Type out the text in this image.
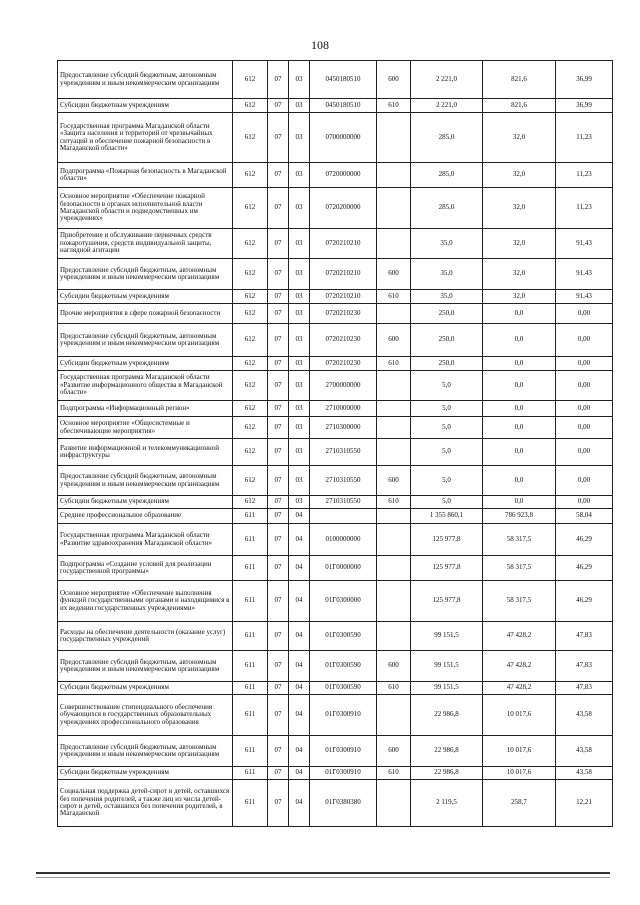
108
Предоставление субсидий бюджетным, автономным учреждениям и иным некоммерческим организациям	612	07	03	0450180510	600	2 221,0	821,6	36,99
Субсидии бюджетным учреждениям	612	07	03	0450180510	610	2 221,0	821,6	36,99
Государственная программа Магаданской области «Защита населения и территорий от чрезвычайных ситуаций и обеспечение пожарной безопасности в Магаданской области»	612	07	03	0700000000		285,0	32,0	11,23
Подпрограмма «Пожарная безопасность в Магаданской области»	612	07	03	0720000000		285,0	32,0	11,23
Основное мероприятие «Обеспечение пожарной безопасности в органах исполнительной власти Магаданской области и подведомственных им учреждениях»	612	07	03	0720200000		285,0	32,0	11,23
Приобретение и обслуживание первичных средств пожаротушения, средств индивидуальной защиты, наглядной агитации	612	07	03	0720210210		35,0	32,0	91,43
Предоставление субсидий бюджетным, автономным учреждениям и иным некоммерческим организациям	612	07	03	0720210210	600	35,0	32,0	91,43
Субсидии бюджетным учреждениям	612	07	03	0720210210	610	35,0	32,0	91,43
Прочие мероприятия в сфере пожарной безопасности	612	07	03	0720210230		250,0	0,0	0,00
Предоставление субсидий бюджетным, автономным учреждениям и иным некоммерческим организациям	612	07	03	0720210230	600	250,0	0,0	0,00
Субсидии бюджетным учреждениям	612	07	03	0720210230	610	250,0	0,0	0,00
Государственная программа Магаданской области «Развитие информационного общества в Магаданской области»	612	07	03	2700000000		5,0	0,0	0,00
Подпрограмма «Информационный регион»	612	07	03	2710000000		5,0	0,0	0,00
Основное мероприятие «Общесистемные и обеспечивающие мероприятия»	612	07	03	2710300000		5,0	0,0	0,00
Развитие информационной и телекоммуникационной инфраструктуры	612	07	03	2710310550		5,0	0,0	0,00
Предоставление субсидий бюджетным, автономным учреждениям и иным некоммерческим организациям	612	07	03	2710310550	600	5,0	0,0	0,00
Субсидии бюджетным учреждениям	612	07	03	2710310550	610	5,0	0,0	0,00
Среднее профессиональное образование	611	07	04			1 355 860,1	786 923,8	58,04
Государственная программа Магаданской области «Развитие здравоохранения Магаданской области»	611	07	04	0100000000		125 977,8	58 317,5	46,29
Подпрограмма «Создание условий для реализации государственной программы»	611	07	04	01Г0000000		125 977,8	58 317,5	46,29
Основное мероприятие «Обеспечение выполнения функций государственными органами и находящимися в их ведении государственных учреждениями»	611	07	04	01Г0300000		125 977,8	58 317,5	46,29
Расходы на обеспечение деятельности (оказание услуг) государственных учреждений	611	07	04	01Г0300590		99 151,5	47 428,2	47,83
Предоставление субсидий бюджетным, автономным учреждениям и иным некоммерческим организациям	611	07	04	01Г0300590	600	99 151,5	47 428,2	47,83
Субсидии бюджетным учреждениям	611	07	04	01Г0300590	610	99 151,5	47 428,2	47,83
Совершенствование стипендиального обеспечения обучающихся в государственных образовательных учреждениях профессионального образования	611	07	04	01Г0300910		22 986,8	10 017,6	43,58
Предоставление субсидий бюджетным, автономным учреждениям и иным некоммерческим организациям	611	07	04	01Г0300910	600	22 986,8	10 017,6	43,58
Субсидии бюджетным учреждениям	611	07	04	01Г0300910	610	22 986,8	10 017,6	43,58
Социальная поддержка детей-сирот и детей, оставшихся без попечения родителей, а также лиц из числа детей-сирот и детей, оставшихся без попечения родителей, в Магаданской	611	07	04	01Г0380380		2 119,5	258,7	12,21
